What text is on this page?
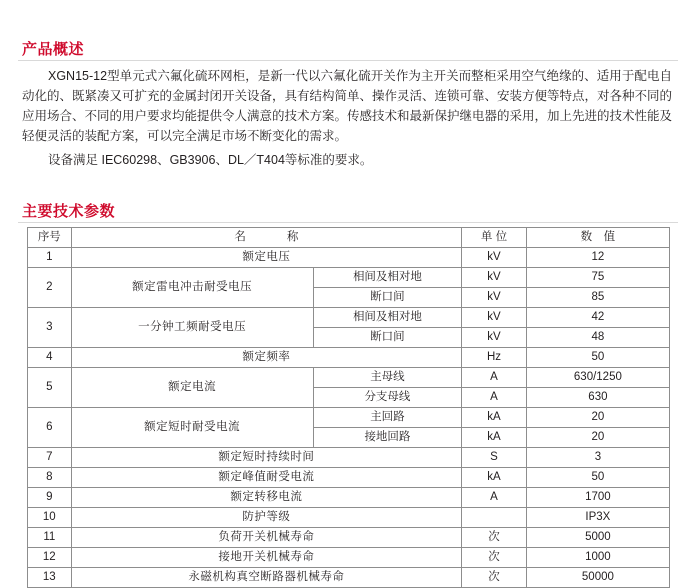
产品概述
XGN15-12型单元式六氟化硫环网柜，是新一代以六氟化硫开关作为主开关而整柜采用空气绝缘的、适用于配电自动化的、既紧凑又可扩充的金属封闭开关设备，具有结构简单、操作灵活、连锁可靠、安装方便等特点，对各种不同的应用场合、不同的用户要求均能提供令人满意的技术方案。传感技术和最新保护继电器的采用，加上先进的技术性能及轻便灵活的装配方案，可以完全满足市场不断变化的需求。
设备满足 IEC60298、GB3906、DL／T404等标准的要求。
主要技术参数
序号	名　　称		单 位	数　值
1	额定电压		kV	12
2	额定雷电冲击耐受电压	相间及相对地	kV	75
		断口间	kV	85
3	一分钟工频耐受电压	相间及相对地	kV	42
		断口间	kV	48
4	额定频率		Hz	50
5	额定电流	主母线	A	630/1250
		分支母线	A	630
6	额定短时耐受电流	主回路	kA	20
		接地回路	kA	20
7	额定短时持续时间		S	3
8	额定峰值耐受电流		kA	50
9	额定转移电流		A	1700
10	防护等级			IP3X
11	负荷开关机械寿命		次	5000
12	接地开关机械寿命		次	1000
13	永磁机构真空断路器机械寿命		次	50000
